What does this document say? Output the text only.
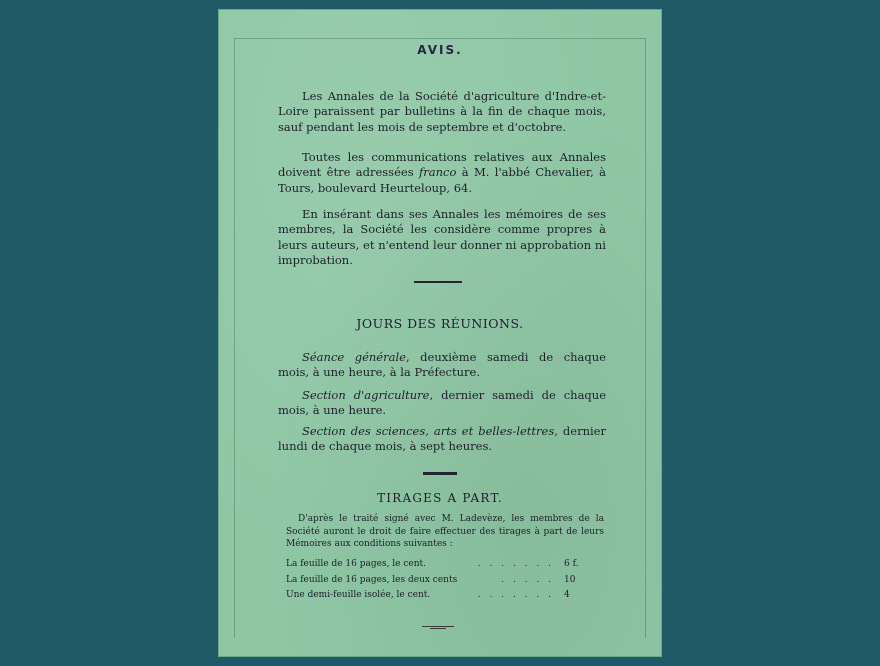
AVIS.

Les Annales de la Société d'agriculture d'Indre-et-Loire paraissent par bulletins à la fin de chaque mois, sauf pendant les mois de septembre et d'octobre.

Toutes les communications relatives aux Annales doivent être adressées franco à M. l'abbé Chevalier, à Tours, boulevard Heurteloup, 64.

En insérant dans ses Annales les mémoires de ses membres, la Société les considère comme propres à leurs auteurs, et n'entend leur donner ni approbation ni improbation.

JOURS DES RÉUNIONS.

Séance générale, deuxième samedi de chaque mois, à une heure, à la Préfecture.

Section d'agriculture, dernier samedi de chaque mois, à une heure.

Section des sciences, arts et belles-lettres, dernier lundi de chaque mois, à sept heures.

TIRAGES A PART.

D'après le traité signé avec M. Ladevèze, les membres de la Société auront le droit de faire effectuer des tirages à part de leurs Mémoires aux conditions suivantes :

La feuille de 16 pages, le cent.	. . . . . . .	6 f.
La feuille de 16 pages, les deux cents	. . . . .	10
Une demi-feuille isolée, le cent.	. . . . . . .	4
